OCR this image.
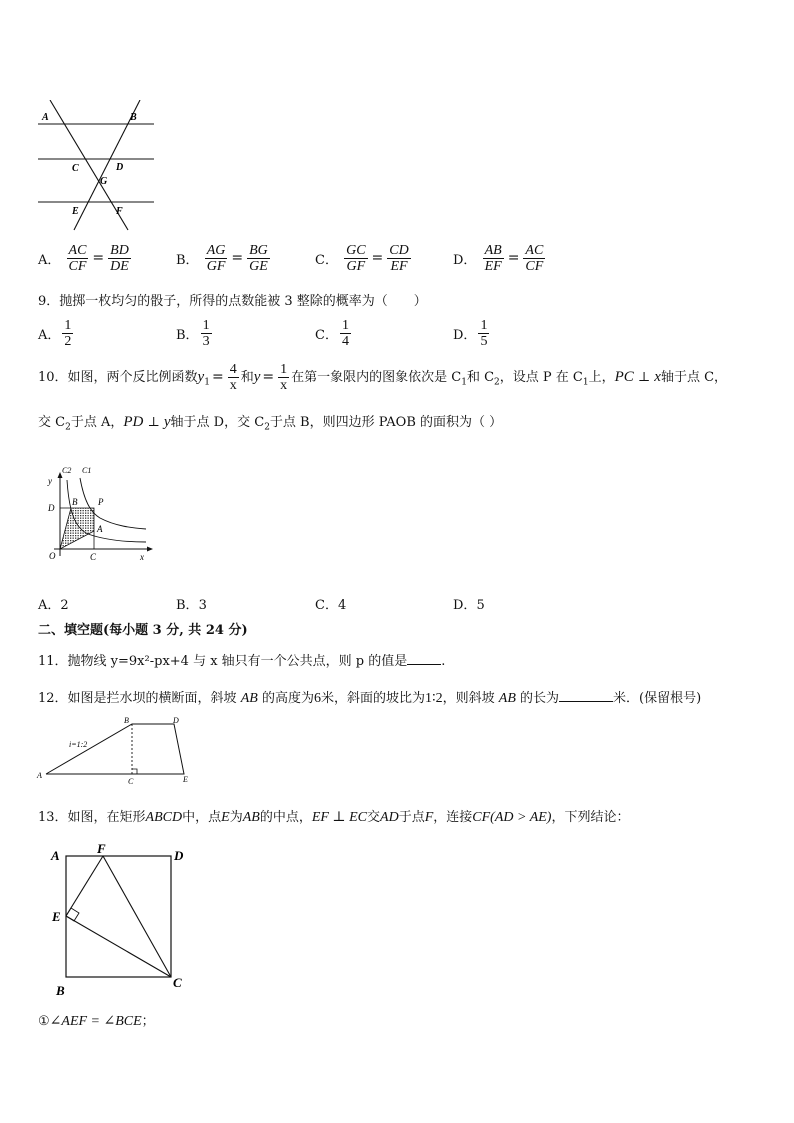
A	B
C	D
G
E	F
A． $\frac{AC}{CF} = \frac{BD}{DE}$	B． $\frac{AG}{GF} = \frac{BG}{GE}$	C． $\frac{GC}{GF} = \frac{CD}{EF}$	D． $\frac{AB}{EF} = \frac{AC}{CF}$
9．抛掷一枚均匀的骰子，所得的点数能被 3 整除的概率为（　　）
A． $\frac{1}{2}$	B． $\frac{1}{3}$	C． $\frac{1}{4}$	D． $\frac{1}{5}$
10．如图，两个反比例函数$y_1 = \frac{4}{x}$ 和$y = \frac{1}{x}$ 在第一象限内的图象依次是 $C_1$和 $C_2$，设点 P 在 $C_1$上，PC ⊥ x轴于点 C，
交 $C_2$于点 A，PD ⊥ y轴于点 D，交 $C_2$于点 B，则四边形 PAOB 的面积为（ ）
C2 C1
y
D
B P
A
O	C	x
A．2	B．3	C．4	D．5
二、填空题(每小题 3 分, 共 24 分)
11．抛物线 y=9x²-px+4 与 x 轴只有一个公共点，则 p 的值是	.
12．如图是拦水坝的横断面，斜坡 AB 的高度为6米，斜面的坡比为1∶2，则斜坡 AB 的长为	米．(保留根号)
B	D
i=1:2
A
C	E
13．如图，在矩形ABCD中，点E为AB的中点，EF ⊥ EC交AD于点F，连接CF(AD > AE)，下列结论：
A	F	D
E
B
C
①∠AEF = ∠BCE；
